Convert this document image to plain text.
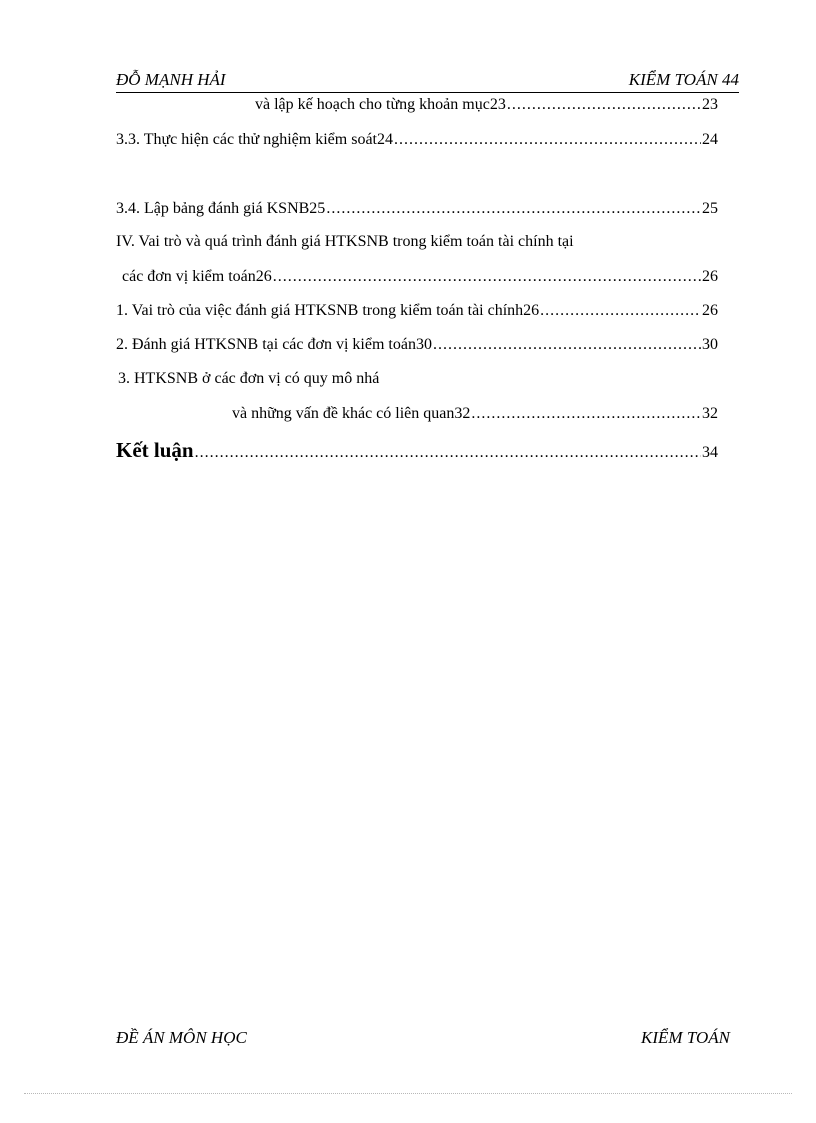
ĐỖ MẠNH HẢI	KIỂM TOÁN 44
và lập kế hoạch cho từng khoản mục23 .....	23
3.3. Thực hiện các thử nghiệm kiểm soát24 .....	24
3.4. Lập bảng đánh giá KSNB25 .....	25
IV. Vai trò và quá trình đánh giá HTKSNB trong kiểm toán tài chính tại
các đơn vị kiểm toán26 .....	26
1. Vai trò của việc đánh giá HTKSNB trong kiểm toán tài chính26 .....	26
2. Đánh giá HTKSNB tại các đơn vị kiểm toán30 .....	30
3. HTKSNB ở các đơn vị có quy mô nhá
và những vấn đề khác có liên quan32 .....	32
Kết luận .....	34
ĐỀ ÁN MÔN HỌC	KIỂM TOÁN
